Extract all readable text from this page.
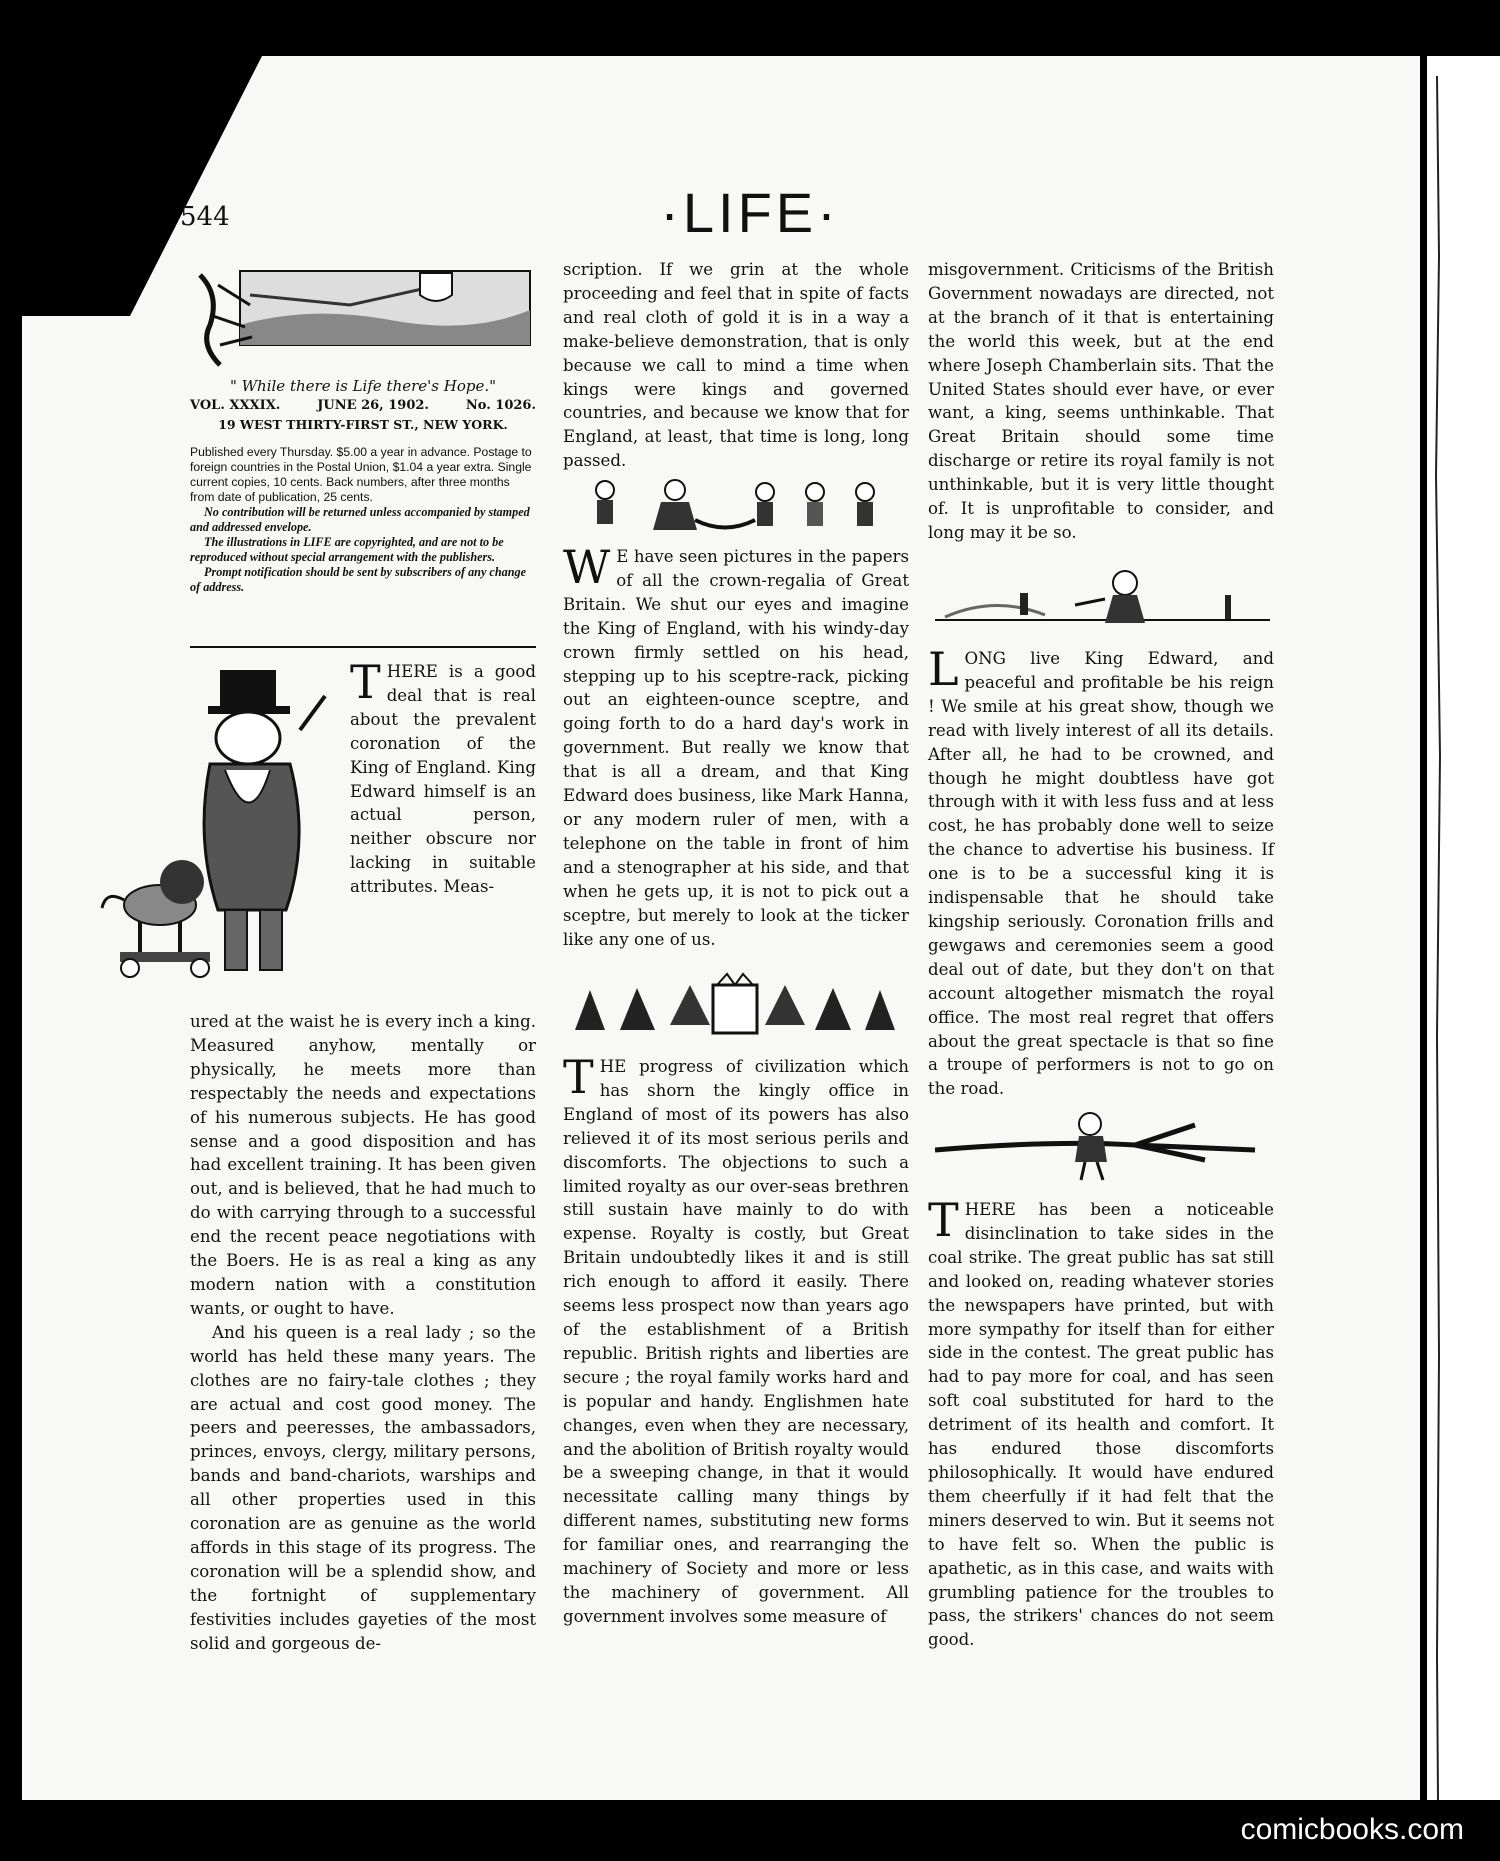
544	·LIFE·
" While there is Life there's Hope."
VOL. XXXIX.	JUNE 26, 1902.	No. 1026.
19 WEST THIRTY-FIRST ST., NEW YORK.

Published every Thursday. $5.00 a year in advance. Postage to foreign countries in the Postal Union, $1.04 a year extra. Single current copies, 10 cents. Back numbers, after three months from date of publication, 25 cents.

No contribution will be returned unless accompanied by stamped and addressed envelope.

The illustrations in LIFE are copyrighted, and are not to be reproduced without special arrangement with the publishers.

Prompt notification should be sent by subscribers of any change of address.

THERE is a good deal that is real about the prevalent coronation of the King of England. King Edward himself is an actual person, neither obscure nor lacking in suitable attributes. Meas-

ured at the waist he is every inch a king. Measured anyhow, mentally or physically, he meets more than respectably the needs and expectations of his numerous subjects. He has good sense and a good disposition and has had excellent training. It has been given out, and is believed, that he had much to do with carrying through to a successful end the recent peace negotiations with the Boers. He is as real a king as any modern nation with a constitution wants, or ought to have.

And his queen is a real lady ; so the world has held these many years. The clothes are no fairy-tale clothes ; they are actual and cost good money. The peers and peeresses, the ambassadors, princes, envoys, clergy, military persons, bands and band-chariots, warships and all other properties used in this coronation are as genuine as the world affords in this stage of its progress. The coronation will be a splendid show, and the fortnight of supplementary festivities includes gayeties of the most solid and gorgeous de-

scription. If we grin at the whole proceeding and feel that in spite of facts and real cloth of gold it is in a way a make-believe demonstration, that is only because we call to mind a time when kings were kings and governed countries, and because we know that for England, at least, that time is long, long passed.

W E have seen pictures in the papers of all the crown-regalia of Great Britain. We shut our eyes and imagine the King of England, with his windy-day crown firmly settled on his head, stepping up to his sceptre-rack, picking out an eighteen-ounce sceptre, and going forth to do a hard day's work in government. But really we know that that is all a dream, and that King Edward does business, like Mark Hanna, or any modern ruler of men, with a telephone on the table in front of him and a stenographer at his side, and that when he gets up, it is not to pick out a sceptre, but merely to look at the ticker like any one of us.

THE progress of civilization which has shorn the kingly office in England of most of its powers has also relieved it of its most serious perils and discomforts. The objections to such a limited royalty as our over-seas brethren still sustain have mainly to do with expense. Royalty is costly, but Great Britain undoubtedly likes it and is still rich enough to afford it easily. There seems less prospect now than years ago of the establishment of a British republic. British rights and liberties are secure ; the royal family works hard and is popular and handy. Englishmen hate changes, even when they are necessary, and the abolition of British royalty would be a sweeping change, in that it would necessitate calling many things by different names, substituting new forms for familiar ones, and rearranging the machinery of Society and more or less the machinery of government. All government involves some measure of

misgovernment. Criticisms of the British Government nowadays are directed, not at the branch of it that is entertaining the world this week, but at the end where Joseph Chamberlain sits. That the United States should ever have, or ever want, a king, seems unthinkable. That Great Britain should some time discharge or retire its royal family is not unthinkable, but it is very little thought of. It is unprofitable to consider, and long may it be so.

LONG live King Edward, and peaceful and profitable be his reign ! We smile at his great show, though we read with lively interest of all its details. After all, he had to be crowned, and though he might doubtless have got through with it with less fuss and at less cost, he has probably done well to seize the chance to advertise his business. If one is to be a successful king it is indispensable that he should take kingship seriously. Coronation frills and gewgaws and ceremonies seem a good deal out of date, but they don't on that account altogether mismatch the royal office. The most real regret that offers about the great spectacle is that so fine a troupe of performers is not to go on the road.

THERE has been a noticeable disinclination to take sides in the coal strike. The great public has sat still and looked on, reading whatever stories the newspapers have printed, but with more sympathy for itself than for either side in the contest. The great public has had to pay more for coal, and has seen soft coal substituted for hard to the detriment of its health and comfort. It has endured those discomforts philosophically. It would have endured them cheerfully if it had felt that the miners deserved to win. But it seems not to have felt so. When the public is apathetic, as in this case, and waits with grumbling patience for the troubles to pass, the strikers' chances do not seem good.

comicbooks.com
